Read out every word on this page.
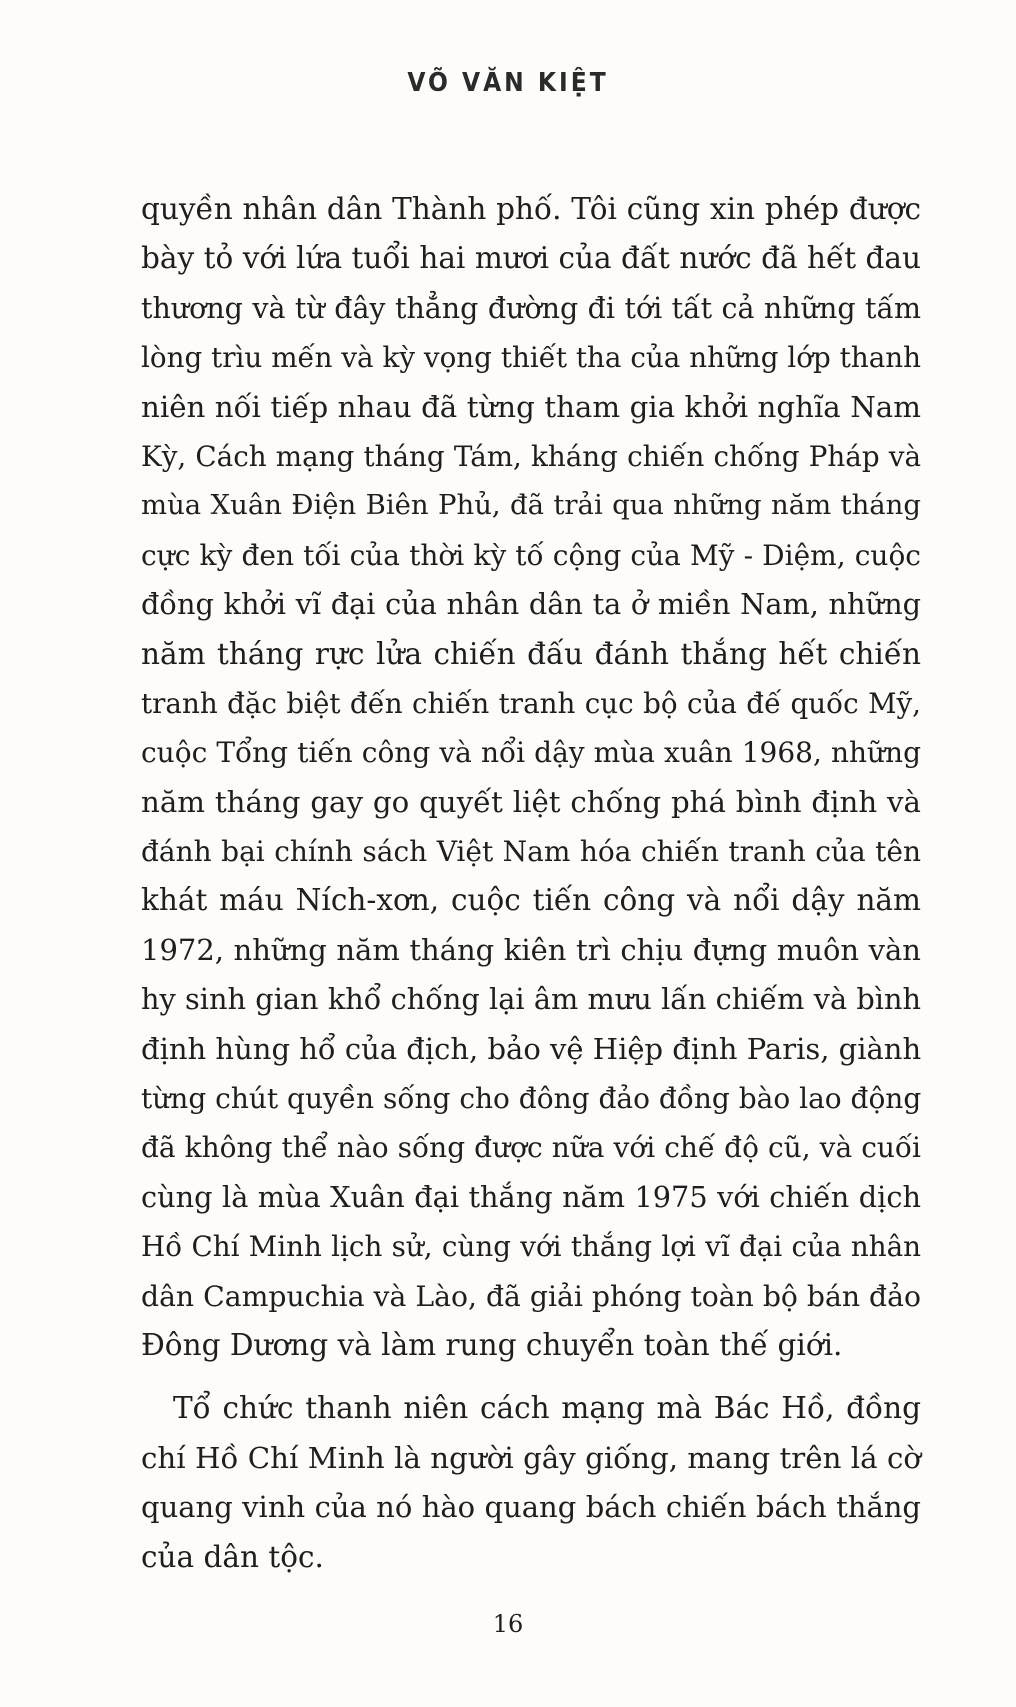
VÕ VĂN KIỆT
quyền nhân dân Thành phố. Tôi cũng xin phép được
bày tỏ với lứa tuổi hai mươi của đất nước đã hết đau
thương và từ đây thẳng đường đi tới tất cả những tấm
lòng trìu mến và kỳ vọng thiết tha của những lớp thanh
niên nối tiếp nhau đã từng tham gia khởi nghĩa Nam
Kỳ, Cách mạng tháng Tám, kháng chiến chống Pháp và
mùa Xuân Điện Biên Phủ, đã trải qua những năm tháng
cực kỳ đen tối của thời kỳ tố cộng của Mỹ - Diệm, cuộc
đồng khởi vĩ đại của nhân dân ta ở miền Nam, những
năm tháng rực lửa chiến đấu đánh thắng hết chiến
tranh đặc biệt đến chiến tranh cục bộ của đế quốc Mỹ,
cuộc Tổng tiến công và nổi dậy mùa xuân 1968, những
năm tháng gay go quyết liệt chống phá bình định và
đánh bại chính sách Việt Nam hóa chiến tranh của tên
khát máu Ních-xơn, cuộc tiến công và nổi dậy năm
1972, những năm tháng kiên trì chịu đựng muôn vàn
hy sinh gian khổ chống lại âm mưu lấn chiếm và bình
định hùng hổ của địch, bảo vệ Hiệp định Paris, giành
từng chút quyền sống cho đông đảo đồng bào lao động
đã không thể nào sống được nữa với chế độ cũ, và cuối
cùng là mùa Xuân đại thắng năm 1975 với chiến dịch
Hồ Chí Minh lịch sử, cùng với thắng lợi vĩ đại của nhân
dân Campuchia và Lào, đã giải phóng toàn bộ bán đảo
Đông Dương và làm rung chuyển toàn thế giới.
Tổ chức thanh niên cách mạng mà Bác Hồ, đồng
chí Hồ Chí Minh là người gây giống, mang trên lá cờ
quang vinh của nó hào quang bách chiến bách thắng
của dân tộc.
16
